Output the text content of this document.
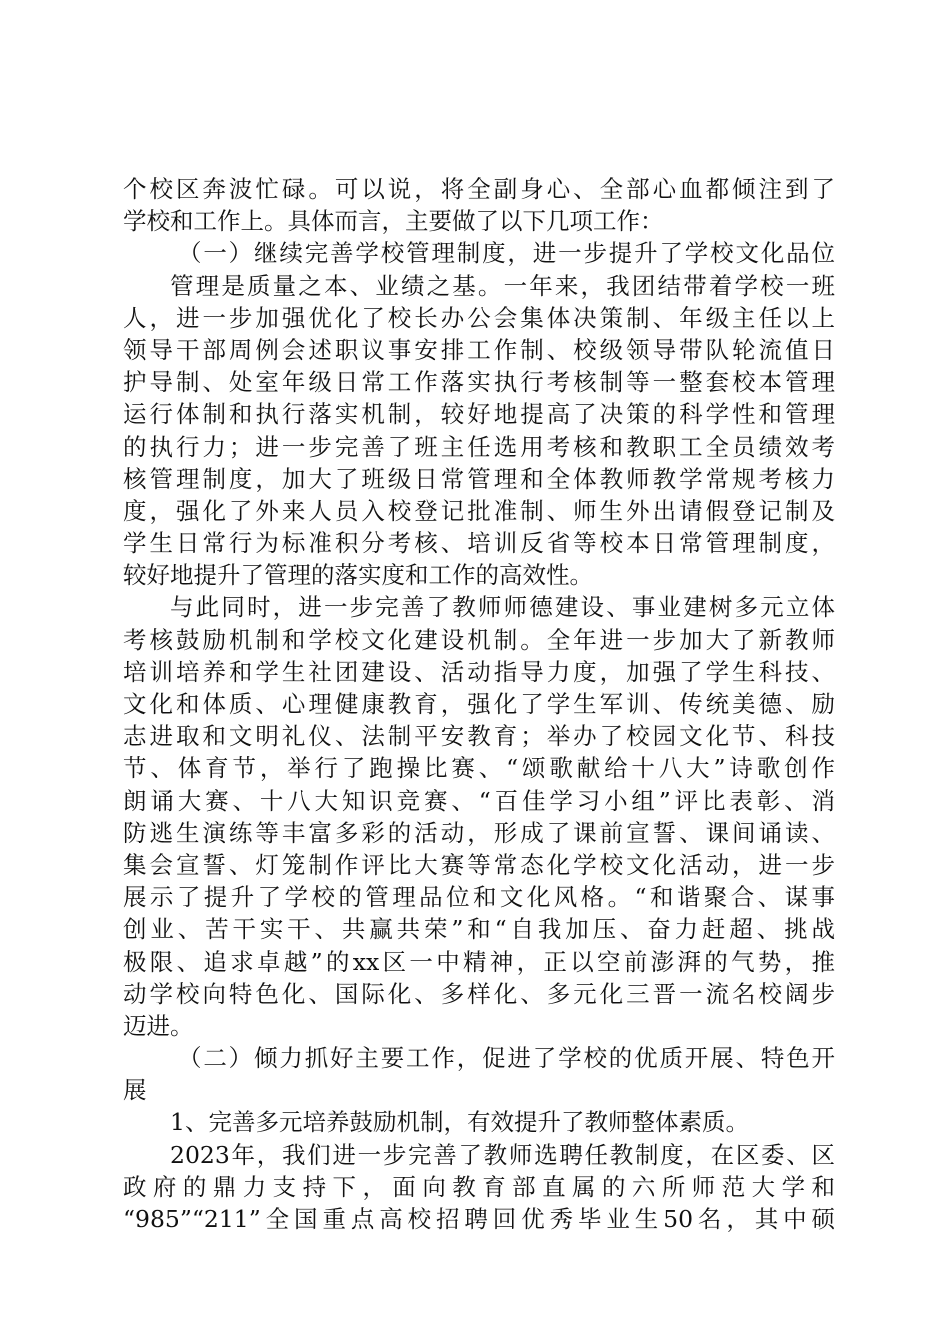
个校区奔波忙碌。可以说，将全副身心、全部心血都倾注到了
学校和工作上。具体而言，主要做了以下几项工作：
（一）继续完善学校管理制度，进一步提升了学校文化品位
管理是质量之本、业绩之基。一年来，我团结带着学校一班
人，进一步加强优化了校长办公会集体决策制、年级主任以上
领导干部周例会述职议事安排工作制、校级领导带队轮流值日
护导制、处室年级日常工作落实执行考核制等一整套校本管理
运行体制和执行落实机制，较好地提高了决策的科学性和管理
的执行力；进一步完善了班主任选用考核和教职工全员绩效考
核管理制度，加大了班级日常管理和全体教师教学常规考核力
度，强化了外来人员入校登记批准制、师生外出请假登记制及
学生日常行为标准积分考核、培训反省等校本日常管理制度，
较好地提升了管理的落实度和工作的高效性。
与此同时，进一步完善了教师师德建设、事业建树多元立体
考核鼓励机制和学校文化建设机制。全年进一步加大了新教师
培训培养和学生社团建设、活动指导力度，加强了学生科技、
文化和体质、心理健康教育，强化了学生军训、传统美德、励
志进取和文明礼仪、法制平安教育；举办了校园文化节、科技
节、体育节，举行了跑操比赛、“颂歌献给十八大”诗歌创作
朗诵大赛、十八大知识竞赛、“百佳学习小组”评比表彰、消
防逃生演练等丰富多彩的活动，形成了课前宣誓、课间诵读、
集会宣誓、灯笼制作评比大赛等常态化学校文化活动，进一步
展示了提升了学校的管理品位和文化风格。“和谐聚合、谋事
创业、苦干实干、共赢共荣”和“自我加压、奋力赶超、挑战
极限、追求卓越”的xx区一中精神，正以空前澎湃的气势，推
动学校向特色化、国际化、多样化、多元化三晋一流名校阔步
迈进。
（二）倾力抓好主要工作，促进了学校的优质开展、特色开
展
1、完善多元培养鼓励机制，有效提升了教师整体素质。
2023年，我们进一步完善了教师选聘任教制度，在区委、区
政府的鼎力支持下，面向教育部直属的六所师范大学和
“985”“211”全国重点高校招聘回优秀毕业生50名，其中硕
